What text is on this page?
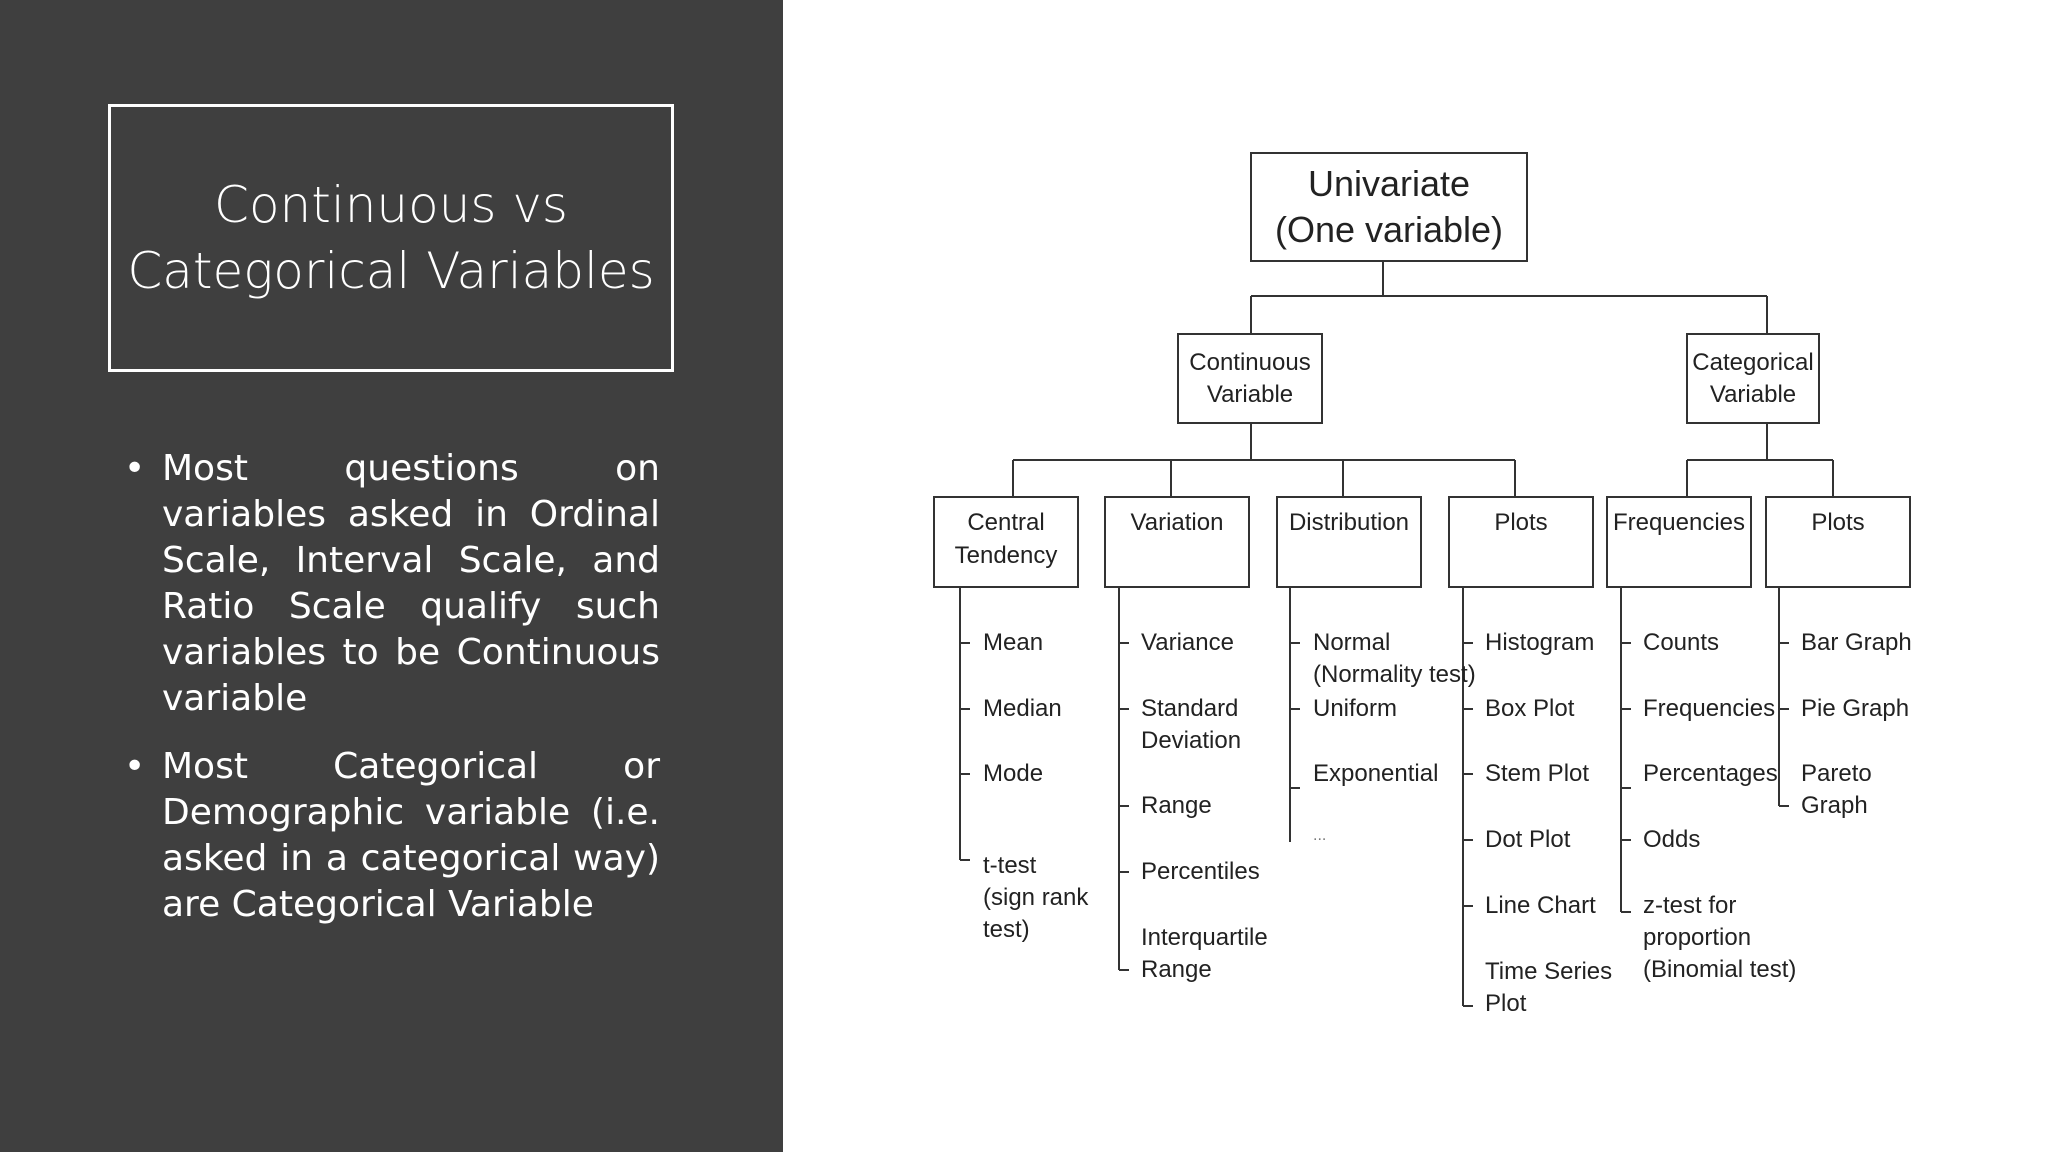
Continuous vs
Categorical Variables
• Most questions on variables asked in Ordinal Scale, Interval Scale, and Ratio Scale qualify such variables to be Continuous variable
• Most Categorical or Demographic variable (i.e. asked in a categorical way) are Categorical Variable
Univariate
(One variable)
Continuous
Variable
Categorical
Variable
Central
Tendency
Variation	Distribution	Plots	Frequencies	Plots
Mean
Median
Mode
t-test
(sign rank
test)
Variance
Standard
Deviation
Range
Percentiles
Interquartile
Range
Normal
(Normality test)
Uniform
Exponential
...
Histogram
Box Plot
Stem Plot
Dot Plot
Line Chart
Time Series
Plot
Counts
Frequencies
Percentages
Odds
z-test for
proportion
(Binomial test)
Bar Graph
Pie Graph
Pareto
Graph
